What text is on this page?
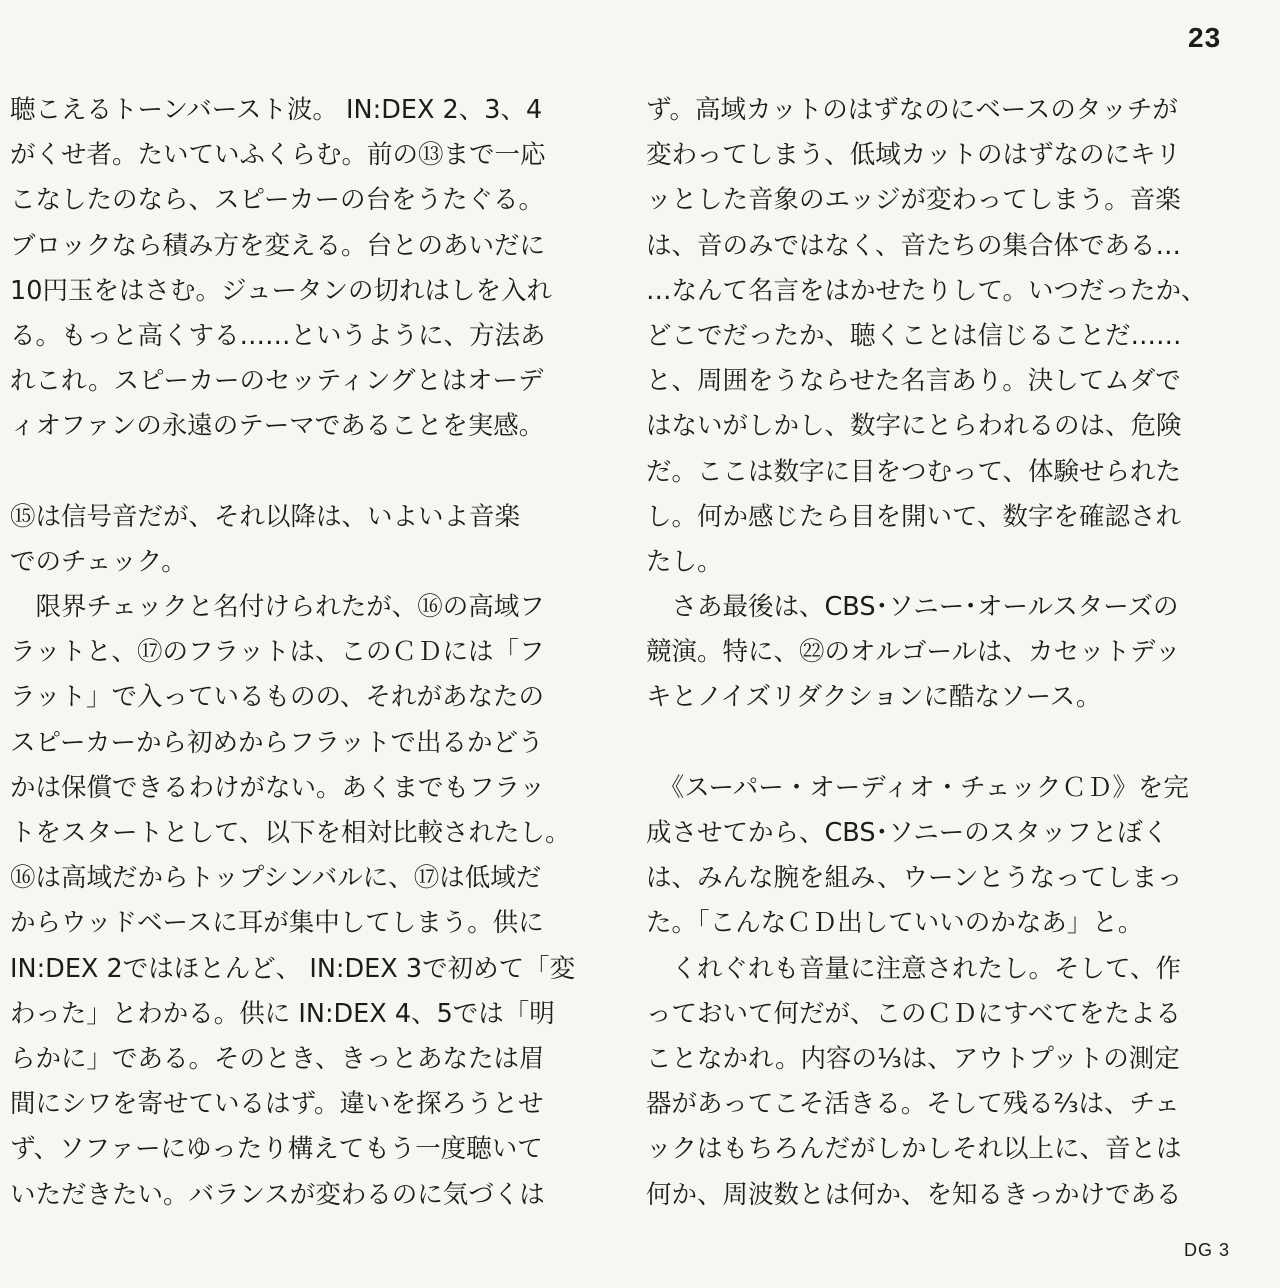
23
聴こえるトーンバースト波。 IN:DEX 2、3、4
がくせ者。たいていふくらむ。前の⑬まで一応
こなしたのなら、スピーカーの台をうたぐる。
ブロックなら積み方を変える。台とのあいだに
10円玉をはさむ。ジュータンの切れはしを入れ
る。もっと高くする……というように、方法あ
れこれ。スピーカーのセッティングとはオーデ
ィオファンの永遠のテーマであることを実感。
⑮は信号音だが、それ以降は、いよいよ音楽
でのチェック。
　限界チェックと名付けられたが、⑯の高域フ
ラットと、⑰のフラットは、このＣＤには「フ
ラット」で入っているものの、それがあなたの
スピーカーから初めからフラットで出るかどう
かは保償できるわけがない。あくまでもフラッ
トをスタートとして、以下を相対比較されたし。
⑯は高域だからトップシンバルに、⑰は低域だ
からウッドベースに耳が集中してしまう。供に
IN:DEX 2ではほとんど、 IN:DEX 3で初めて「変
わった」とわかる。供に IN:DEX 4、5では「明
らかに」である。そのとき、きっとあなたは眉
間にシワを寄せているはず。違いを探ろうとせ
ず、ソファーにゆったり構えてもう一度聴いて
いただきたい。バランスが変わるのに気づくは
ず。高域カットのはずなのにベースのタッチが
変わってしまう、低域カットのはずなのにキリ
ッとした音象のエッジが変わってしまう。音楽
は、音のみではなく、音たちの集合体である…
…なんて名言をはかせたりして。いつだったか、
どこでだったか、聴くことは信じることだ……
と、周囲をうならせた名言あり。決してムダで
はないがしかし、数字にとらわれるのは、危険
だ。ここは数字に目をつむって、体験せられた
し。何か感じたら目を開いて、数字を確認され
たし。
　さあ最後は、CBS･ソニー･オールスターズの
競演。特に、㉒のオルゴールは、カセットデッ
キとノイズリダクションに酷なソース。
　《スーパー・オーディオ・チェックＣＤ》を完
成させてから、CBS･ソニーのスタッフとぼく
は、みんな腕を組み、ウーンとうなってしまっ
た｡「こんなＣＤ出していいのかなあ」と。
　くれぐれも音量に注意されたし。そして、作
っておいて何だが、このＣＤにすべてをたよる
ことなかれ。内容の⅓は、アウトプットの測定
器があってこそ活きる。そして残る⅔は、チェ
ックはもちろんだがしかしそれ以上に、音とは
何か、周波数とは何か、を知るきっかけである
DG 3
